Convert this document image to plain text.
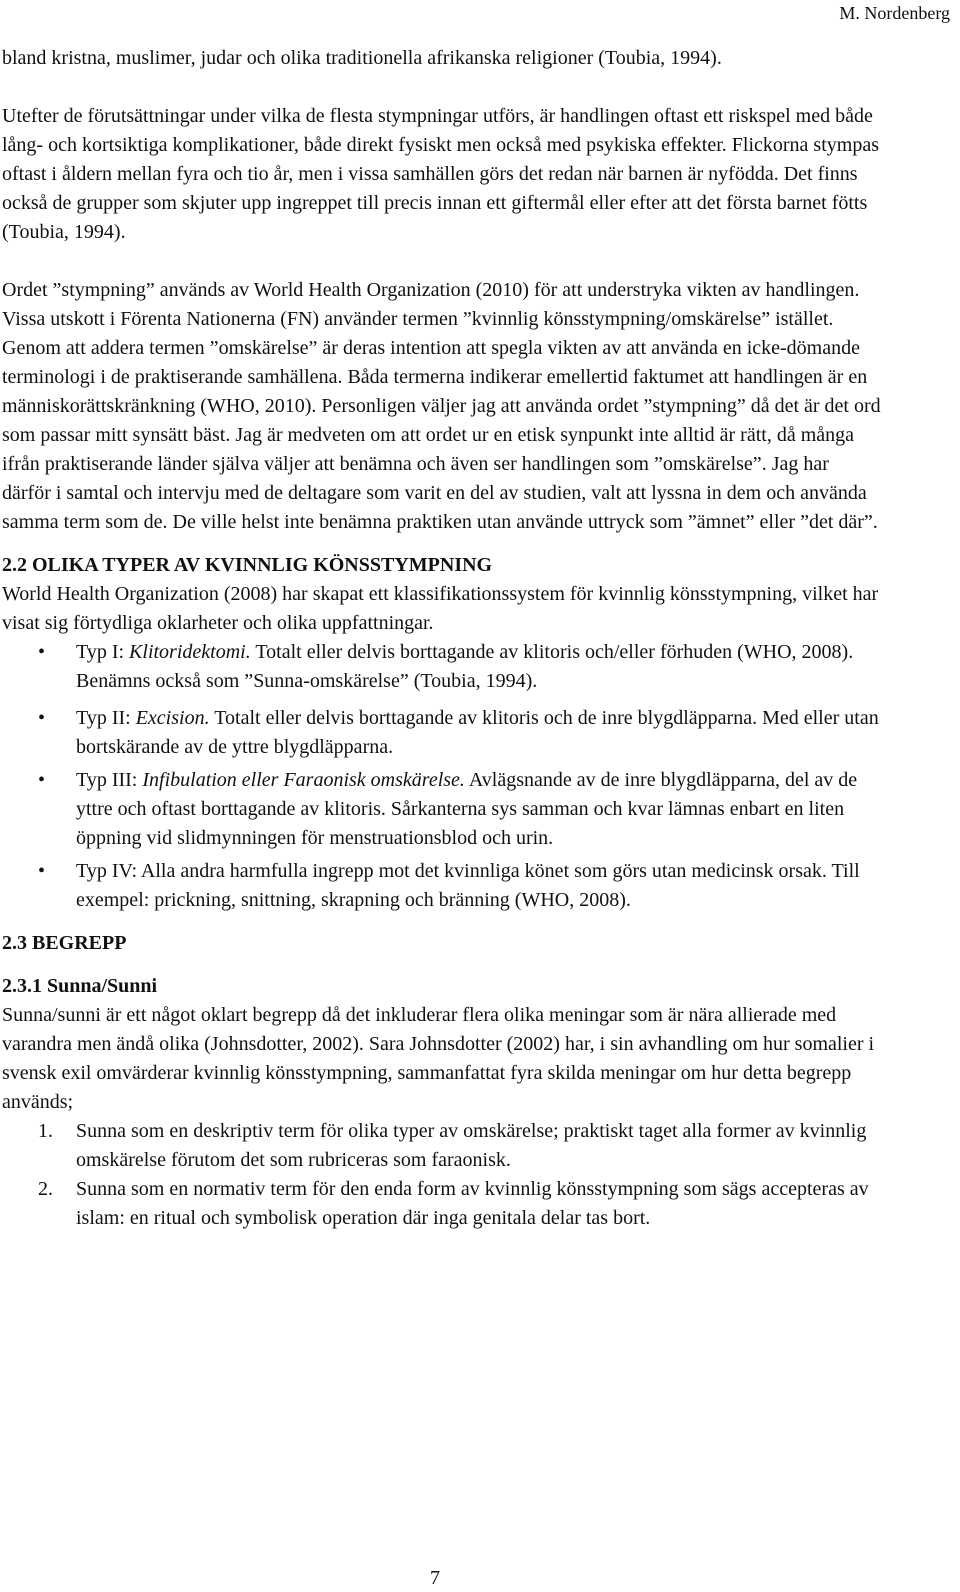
M. Nordenberg

bland kristna, muslimer, judar och olika traditionella afrikanska religioner (Toubia, 1994).

Utefter de förutsättningar under vilka de flesta stympningar utförs, är handlingen oftast ett riskspel med både lång- och kortsiktiga komplikationer, både direkt fysiskt men också med psykiska effekter. Flickorna stympas oftast i åldern mellan fyra och tio år, men i vissa samhällen görs det redan när barnen är nyfödda. Det finns också de grupper som skjuter upp ingreppet till precis innan ett giftermål eller efter att det första barnet fötts (Toubia, 1994).

Ordet ”stympning” används av World Health Organization (2010) för att understryka vikten av handlingen. Vissa utskott i Förenta Nationerna (FN) använder termen ”kvinnlig könsstympning/omskärelse” istället. Genom att addera termen ”omskärelse” är deras intention att spegla vikten av att använda en icke-dömande terminologi i de praktiserande samhällena. Båda termerna indikerar emellertid faktumet att handlingen är en människorättskränkning (WHO, 2010). Personligen väljer jag att använda ordet ”stympning” då det är det ord som passar mitt synsätt bäst. Jag är medveten om att ordet ur en etisk synpunkt inte alltid är rätt, då många ifrån praktiserande länder själva väljer att benämna och även ser handlingen som ”omskärelse”. Jag har därför i samtal och intervju med de deltagare som varit en del av studien, valt att lyssna in dem och använda samma term som de. De ville helst inte benämna praktiken utan använde uttryck som ”ämnet” eller ”det där”.

2.2 OLIKA TYPER AV KVINNLIG KÖNSSTYMPNING

World Health Organization (2008) har skapat ett klassifikationssystem för kvinnlig könsstympning, vilket har visat sig förtydliga oklarheter och olika uppfattningar.

• Typ I: Klitoridektomi. Totalt eller delvis borttagande av klitoris och/eller förhuden (WHO, 2008). Benämns också som ”Sunna-omskärelse” (Toubia, 1994).
• Typ II: Excision. Totalt eller delvis borttagande av klitoris och de inre blygdläpparna. Med eller utan bortskärande av de yttre blygdläpparna.
• Typ III: Infibulation eller Faraonisk omskärelse. Avlägsnande av de inre blygdläpparna, del av de yttre och oftast borttagande av klitoris. Sårkanterna sys samman och kvar lämnas enbart en liten öppning vid slidmynningen för menstruationsblod och urin.
• Typ IV: Alla andra harmfulla ingrepp mot det kvinnliga könet som görs utan medicinsk orsak. Till exempel: prickning, snittning, skrapning och bränning (WHO, 2008).
2.3 BEGREPP
2.3.1 Sunna/Sunni

Sunna/sunni är ett något oklart begrepp då det inkluderar flera olika meningar som är nära allierade med varandra men ändå olika (Johnsdotter, 2002). Sara Johnsdotter (2002) har, i sin avhandling om hur somalier i svensk exil omvärderar kvinnlig könsstympning, sammanfattat fyra skilda meningar om hur detta begrepp används;

1. Sunna som en deskriptiv term för olika typer av omskärelse; praktiskt taget alla former av kvinnlig omskärelse förutom det som rubriceras som faraonisk.
2. Sunna som en normativ term för den enda form av kvinnlig könsstympning som sägs accepteras av islam: en ritual och symbolisk operation där inga genitala delar tas bort.
7
